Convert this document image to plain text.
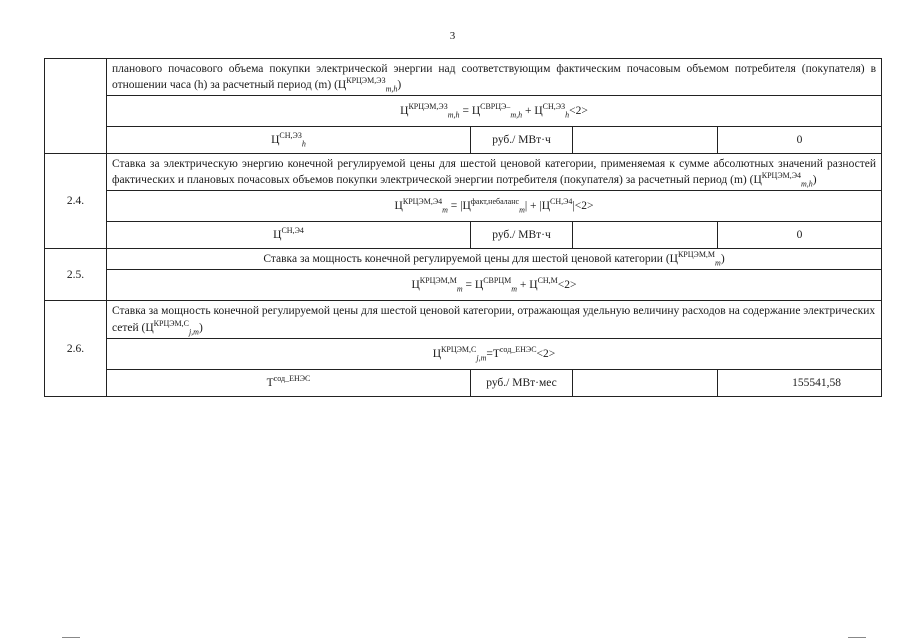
3
	планового почасового объема покупки электрической энергии над соответствующим фактическим почасовым объемом потребителя (покупателя) в отношении часа (h) за расчетный период (m) $(Ц^{КРЦЭМ,ЭЗ}_{m,h})$			
	$Ц^{КРЦЭМ,ЭЗ}_{m,h} = Ц^{СВРЦЭ-}_{m,h} + Ц^{СН,ЭЗ}_h<2>$			
	$Ц^{СН,ЭЗ}_h$	руб./ МВт·ч		0
2.4.	Ставка за электрическую энергию конечной регулируемой цены для шестой ценовой категории, применяемая к сумме абсолютных значений разностей фактических и плановых почасовых объемов покупки электрической энергии потребителя (покупателя) за расчетный период (m) $(Ц^{КРЦЭМ,Э4}_{m,h})$			
	$Ц^{КРЦЭМ,Э4}_m = |Ц^{факт,небаланс}_m| + |Ц^{СН,Э4}|<2>$			
	$Ц^{СН,Э4}$	руб./ МВт·ч		0
2.5.	Ставка за мощность конечной регулируемой цены для шестой ценовой категории $(Ц^{КРЦЭМ,М}_m)$			
	$Ц^{КРЦЭМ,М}_m = Ц^{СВРЦМ}_m + Ц^{СН,М}<2>$			
2.6.	Ставка за мощность конечной регулируемой цены для шестой ценовой категории, отражающая удельную величину расходов на содержание электрических сетей $(Ц^{КРЦЭМ,С}_{j,m})$			
	$Ц^{КРЦЭМ,С}_{j,m}=Т^{сод\_ЕНЭС}<2>$			
	$Т^{сод\_ЕНЭС}$	руб./ МВт·мес		155541,58
